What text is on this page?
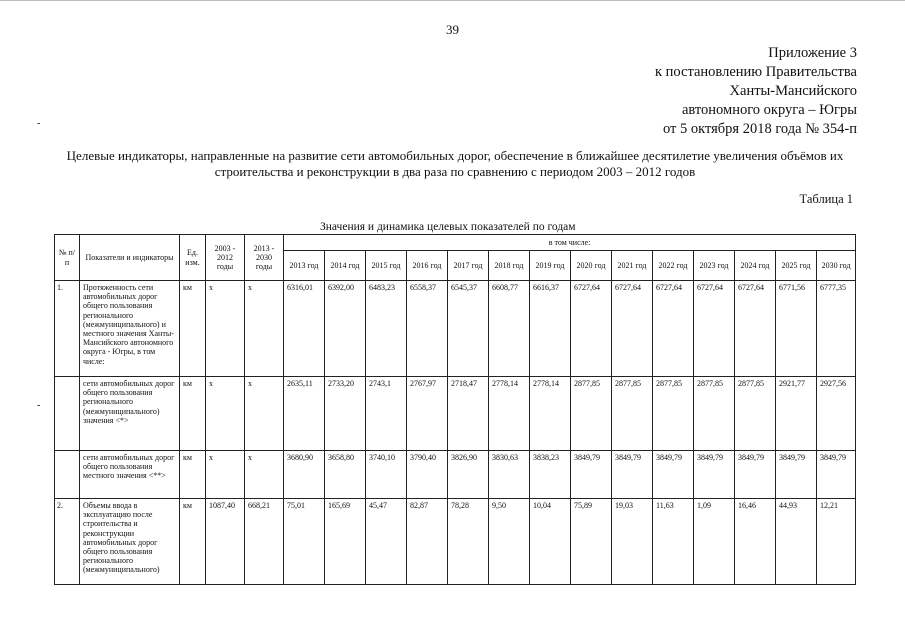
39
Приложение 3
к постановлению Правительства
Ханты-Мансийского
автономного округа – Югры
от 5 октября 2018 года № 354-п
-
-
Целевые индикаторы, направленные на развитие сети автомобильных дорог, обеспечение в ближайшее десятилетие увеличения объёмов их
строительства и реконструкции в два раза по сравнению с периодом 2003 – 2012 годов
Таблица 1
Значения и динамика целевых показателей по годам
№ п/п	Показатели и индикаторы	Ед. изм.	2003 - 2012 годы	2013 - 2030 годы	в том числе:													
					2013 год	2014 год	2015 год	2016 год	2017 год	2018 год	2019 год	2020 год	2021 год	2022 год	2023 год	2024 год	2025 год	2030 год
1.	Протяженность сети автомобильных дорог общего пользования регионального (межмуниципального) и местного значения Ханты-Мансийского автономного округа - Югры, в том числе:	км	x	x	6316,01	6392,00	6483,23	6558,37	6545,37	6608,77	6616,37	6727,64	6727,64	6727,64	6727,64	6727,64	6771,56	6777,35
	сети автомобильных дорог общего пользования регионального (межмуниципального) значения <*>	км	x	x	2635,11	2733,20	2743,1	2767,97	2718,47	2778,14	2778,14	2877,85	2877,85	2877,85	2877,85	2877,85	2921,77	2927,56
	сети автомобильных дорог общего пользования местного значения <**>	км	x	x	3680,90	3658,80	3740,10	3790,40	3826,90	3830,63	3838,23	3849,79	3849,79	3849,79	3849,79	3849,79	3849,79	3849,79
2.	Объемы ввода в эксплуатацию после строительства и реконструкции автомобильных дорог общего пользования регионального (межмуниципального)	км	1087,40	668,21	75,01	165,69	45,47	82,87	78,28	9,50	10,04	75,89	19,03	11,63	1,09	16,46	44,93	12,21
